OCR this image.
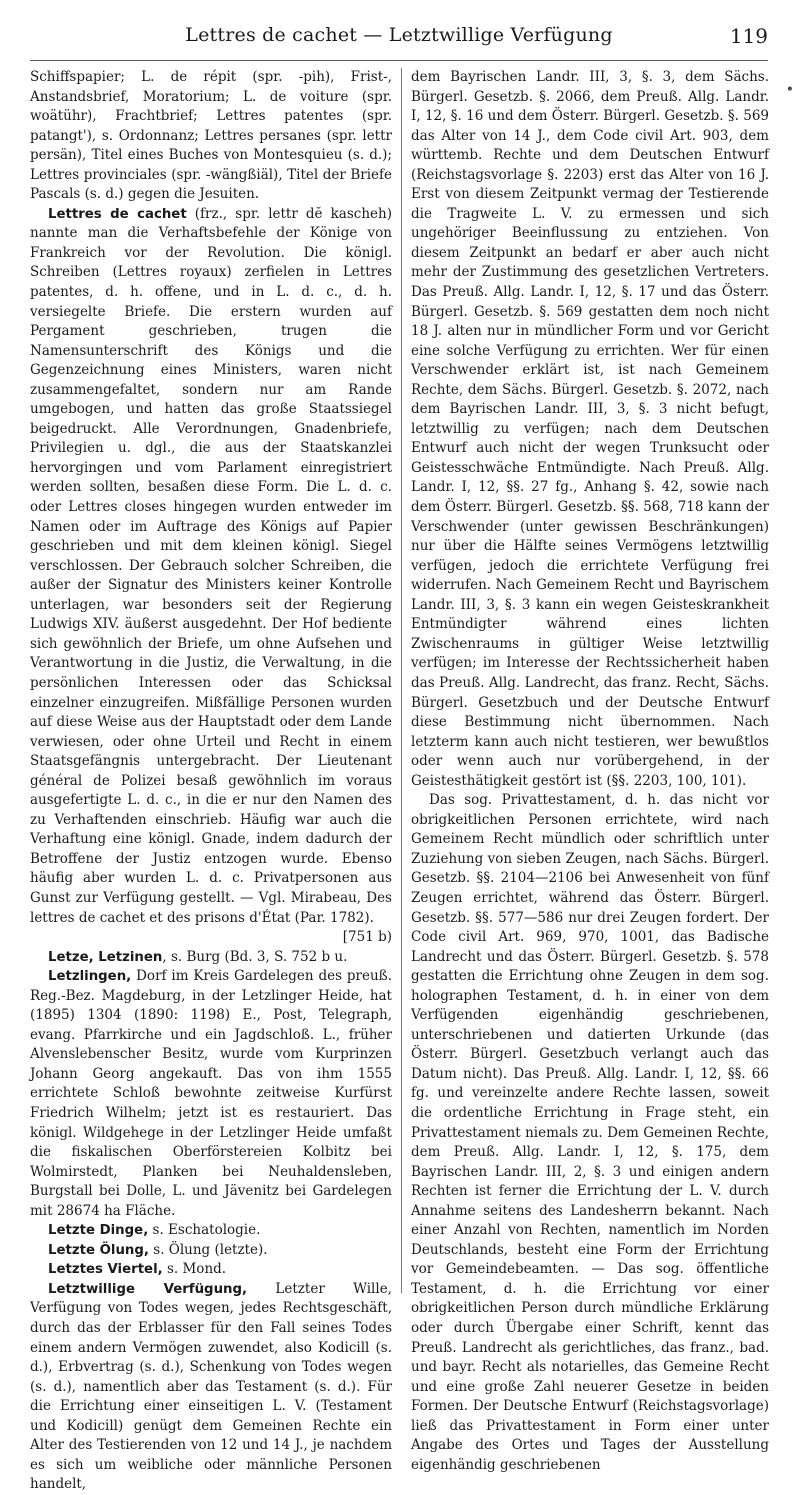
Lettres de cachet — Letztwillige Verfügung	119

Schiffspapier; L. de répit (spr. -pih), Frist-, Anstandsbrief, Moratorium; L. de voiture (spr. woätühr), Frachtbrief; Lettres patentes (spr. patangt'), s. Ordonnanz; Lettres persanes (spr. lettr persän), Titel eines Buches von Montesquieu (s. d.); Lettres provinciales (spr. -wängßiäl), Titel der Briefe Pascals (s. d.) gegen die Jesuiten.

Lettres de cachet (frz., spr. lettr dĕ kascheh) nannte man die Verhaftsbefehle der Könige von Frankreich vor der Revolution. Die königl. Schreiben (Lettres royaux) zerfielen in Lettres patentes, d. h. offene, und in L. d. c., d. h. versiegelte Briefe. Die erstern wurden auf Pergament geschrieben, trugen die Namensunterschrift des Königs und die Gegenzeichnung eines Ministers, waren nicht zusammengefaltet, sondern nur am Rande umgebogen, und hatten das große Staatssiegel beigedruckt. Alle Verordnungen, Gnadenbriefe, Privilegien u. dgl., die aus der Staatskanzlei hervorgingen und vom Parlament einregistriert werden sollten, besaßen diese Form. Die L. d. c. oder Lettres closes hingegen wurden entweder im Namen oder im Auftrage des Königs auf Papier geschrieben und mit dem kleinen königl. Siegel verschlossen. Der Gebrauch solcher Schreiben, die außer der Signatur des Ministers keiner Kontrolle unterlagen, war besonders seit der Regierung Ludwigs XIV. äußerst ausgedehnt. Der Hof bediente sich gewöhnlich der Briefe, um ohne Aufsehen und Verantwortung in die Justiz, die Verwaltung, in die persönlichen Interessen oder das Schicksal einzelner einzugreifen. Mißfällige Personen wurden auf diese Weise aus der Hauptstadt oder dem Lande verwiesen, oder ohne Urteil und Recht in einem Staatsgefängnis untergebracht. Der Lieutenant général de Polizei besaß gewöhnlich im voraus ausgefertigte L. d. c., in die er nur den Namen des zu Verhaftenden einschrieb. Häufig war auch die Verhaftung eine königl. Gnade, indem dadurch der Betroffene der Justiz entzogen wurde. Ebenso häufig aber wurden L. d. c. Privatpersonen aus Gunst zur Verfügung gestellt. — Vgl. Mirabeau, Des lettres de cachet et des prisons d'État (Par. 1782).

[751 b)

Letze, Letzinen, s. Burg (Bd. 3, S. 752 b u.

Letzlingen, Dorf im Kreis Gardelegen des preuß. Reg.-Bez. Magdeburg, in der Letzlinger Heide, hat (1895) 1304 (1890: 1198) E., Post, Telegraph, evang. Pfarrkirche und ein Jagdschloß. L., früher Alvenslebenscher Besitz, wurde vom Kurprinzen Johann Georg angekauft. Das von ihm 1555 errichtete Schloß bewohnte zeitweise Kurfürst Friedrich Wilhelm; jetzt ist es restauriert. Das königl. Wildgehege in der Letzlinger Heide umfaßt die fiskalischen Oberförstereien Kolbitz bei Wolmirstedt, Planken bei Neuhaldensleben, Burgstall bei Dolle, L. und Jävenitz bei Gardelegen mit 28674 ha Fläche.

Letzte Dinge, s. Eschatologie.

Letzte Ölung, s. Ölung (letzte).

Letztes Viertel, s. Mond.

Letztwillige Verfügung, Letzter Wille, Verfügung von Todes wegen, jedes Rechtsgeschäft, durch das der Erblasser für den Fall seines Todes einem andern Vermögen zuwendet, also Kodicill (s. d.), Erbvertrag (s. d.), Schenkung von Todes wegen (s. d.), namentlich aber das Testament (s. d.). Für die Errichtung einer einseitigen L. V. (Testament und Kodicill) genügt dem Gemeinen Rechte ein Alter des Testierenden von 12 und 14 J., je nachdem es sich um weibliche oder männliche Personen handelt,

dem Bayrischen Landr. III, 3, §. 3, dem Sächs. Bürgerl. Gesetzb. §. 2066, dem Preuß. Allg. Landr. I, 12, §. 16 und dem Österr. Bürgerl. Gesetzb. §. 569 das Alter von 14 J., dem Code civil Art. 903, dem württemb. Rechte und dem Deutschen Entwurf (Reichstagsvorlage §. 2203) erst das Alter von 16 J. Erst von diesem Zeitpunkt vermag der Testierende die Tragweite L. V. zu ermessen und sich ungehöriger Beeinflussung zu entziehen. Von diesem Zeitpunkt an bedarf er aber auch nicht mehr der Zustimmung des gesetzlichen Vertreters. Das Preuß. Allg. Landr. I, 12, §. 17 und das Österr. Bürgerl. Gesetzb. §. 569 gestatten dem noch nicht 18 J. alten nur in mündlicher Form und vor Gericht eine solche Verfügung zu errichten. Wer für einen Verschwender erklärt ist, ist nach Gemeinem Rechte, dem Sächs. Bürgerl. Gesetzb. §. 2072, nach dem Bayrischen Landr. III, 3, §. 3 nicht befugt, letztwillig zu verfügen; nach dem Deutschen Entwurf auch nicht der wegen Trunksucht oder Geistesschwäche Entmündigte. Nach Preuß. Allg. Landr. I, 12, §§. 27 fg., Anhang §. 42, sowie nach dem Österr. Bürgerl. Gesetzb. §§. 568, 718 kann der Verschwender (unter gewissen Beschränkungen) nur über die Hälfte seines Vermögens letztwillig verfügen, jedoch die errichtete Verfügung frei widerrufen. Nach Gemeinem Recht und Bayrischem Landr. III, 3, §. 3 kann ein wegen Geisteskrankheit Entmündigter während eines lichten Zwischenraums in gültiger Weise letztwillig verfügen; im Interesse der Rechtssicherheit haben das Preuß. Allg. Landrecht, das franz. Recht, Sächs. Bürgerl. Gesetzbuch und der Deutsche Entwurf diese Bestimmung nicht übernommen. Nach letzterm kann auch nicht testieren, wer bewußtlos oder wenn auch nur vorübergehend, in der Geistesthätigkeit gestört ist (§§. 2203, 100, 101).

Das sog. Privattestament, d. h. das nicht vor obrigkeitlichen Personen errichtete, wird nach Gemeinem Recht mündlich oder schriftlich unter Zuziehung von sieben Zeugen, nach Sächs. Bürgerl. Gesetzb. §§. 2104—2106 bei Anwesenheit von fünf Zeugen errichtet, während das Österr. Bürgerl. Gesetzb. §§. 577—586 nur drei Zeugen fordert. Der Code civil Art. 969, 970, 1001, das Badische Landrecht und das Österr. Bürgerl. Gesetzb. §. 578 gestatten die Errichtung ohne Zeugen in dem sog. holographen Testament, d. h. in einer von dem Verfügenden eigenhändig geschriebenen, unterschriebenen und datierten Urkunde (das Österr. Bürgerl. Gesetzbuch verlangt auch das Datum nicht). Das Preuß. Allg. Landr. I, 12, §§. 66 fg. und vereinzelte andere Rechte lassen, soweit die ordentliche Errichtung in Frage steht, ein Privattestament niemals zu. Dem Gemeinen Rechte, dem Preuß. Allg. Landr. I, 12, §. 175, dem Bayrischen Landr. III, 2, §. 3 und einigen andern Rechten ist ferner die Errichtung der L. V. durch Annahme seitens des Landesherrn bekannt. Nach einer Anzahl von Rechten, namentlich im Norden Deutschlands, besteht eine Form der Errichtung vor Gemeindebeamten. — Das sog. öffentliche Testament, d. h. die Errichtung vor einer obrigkeitlichen Person durch mündliche Erklärung oder durch Übergabe einer Schrift, kennt das Preuß. Landrecht als gerichtliches, das franz., bad. und bayr. Recht als notarielles, das Gemeine Recht und eine große Zahl neuerer Gesetze in beiden Formen. Der Deutsche Entwurf (Reichstagsvorlage) ließ das Privattestament in Form einer unter Angabe des Ortes und Tages der Ausstellung eigenhändig geschriebenen

•
